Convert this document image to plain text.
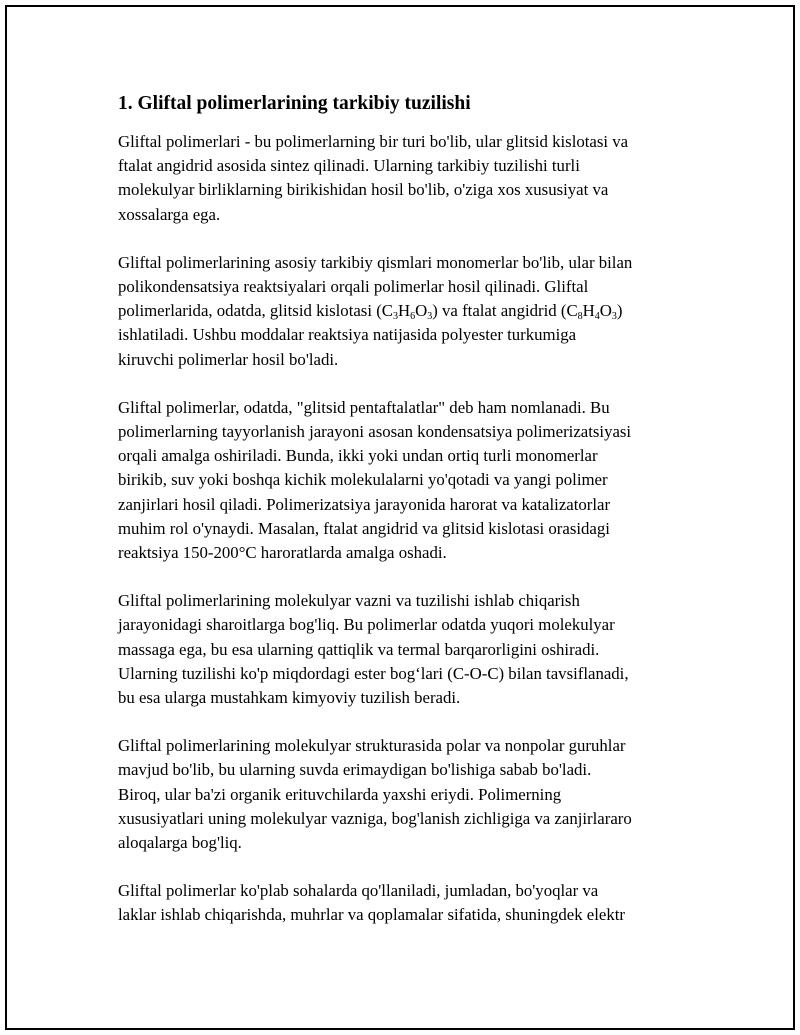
1. Gliftal polimerlarining tarkibiy tuzilishi

Gliftal polimerlari - bu polimerlarning bir turi bo'lib, ular glitsid kislotasi va
ftalat angidrid asosida sintez qilinadi. Ularning tarkibiy tuzilishi turli
molekulyar birliklarning birikishidan hosil bo'lib, o'ziga xos xususiyat va
xossalarga ega.

Gliftal polimerlarining asosiy tarkibiy qismlari monomerlar bo'lib, ular bilan
polikondensatsiya reaktsiyalari orqali polimerlar hosil qilinadi. Gliftal
polimerlarida, odatda, glitsid kislotasi $(C_3H_6O_3)$ va ftalat angidrid $(C_8H_4O_3)$
ishlatiladi. Ushbu moddalar reaktsiya natijasida polyester turkumiga
kiruvchi polimerlar hosil bo'ladi.

Gliftal polimerlar, odatda, "glitsid pentaftalatlar" deb ham nomlanadi. Bu
polimerlarning tayyorlanish jarayoni asosan kondensatsiya polimerizatsiyasi
orqali amalga oshiriladi. Bunda, ikki yoki undan ortiq turli monomerlar
birikib, suv yoki boshqa kichik molekulalarni yo'qotadi va yangi polimer
zanjirlari hosil qiladi. Polimerizatsiya jarayonida harorat va katalizatorlar
muhim rol o'ynaydi. Masalan, ftalat angidrid va glitsid kislotasi orasidagi
reaktsiya 150-200°C haroratlarda amalga oshadi.

Gliftal polimerlarining molekulyar vazni va tuzilishi ishlab chiqarish
jarayonidagi sharoitlarga bog'liq. Bu polimerlar odatda yuqori molekulyar
massaga ega, bu esa ularning qattiqlik va termal barqarorligini oshiradi.
Ularning tuzilishi ko'p miqdordagi ester bog‘lari (C-O-C) bilan tavsiflanadi,
bu esa ularga mustahkam kimyoviy tuzilish beradi.

Gliftal polimerlarining molekulyar strukturasida polar va nonpolar guruhlar
mavjud bo'lib, bu ularning suvda erimaydigan bo'lishiga sabab bo'ladi.
Biroq, ular ba'zi organik erituvchilarda yaxshi eriydi. Polimerning
xususiyatlari uning molekulyar vazniga, bog'lanish zichligiga va zanjirlararo
aloqalarga bog'liq.

Gliftal polimerlar ko'plab sohalarda qo'llaniladi, jumladan, bo'yoqlar va
laklar ishlab chiqarishda, muhrlar va qoplamalar sifatida, shuningdek elektr
